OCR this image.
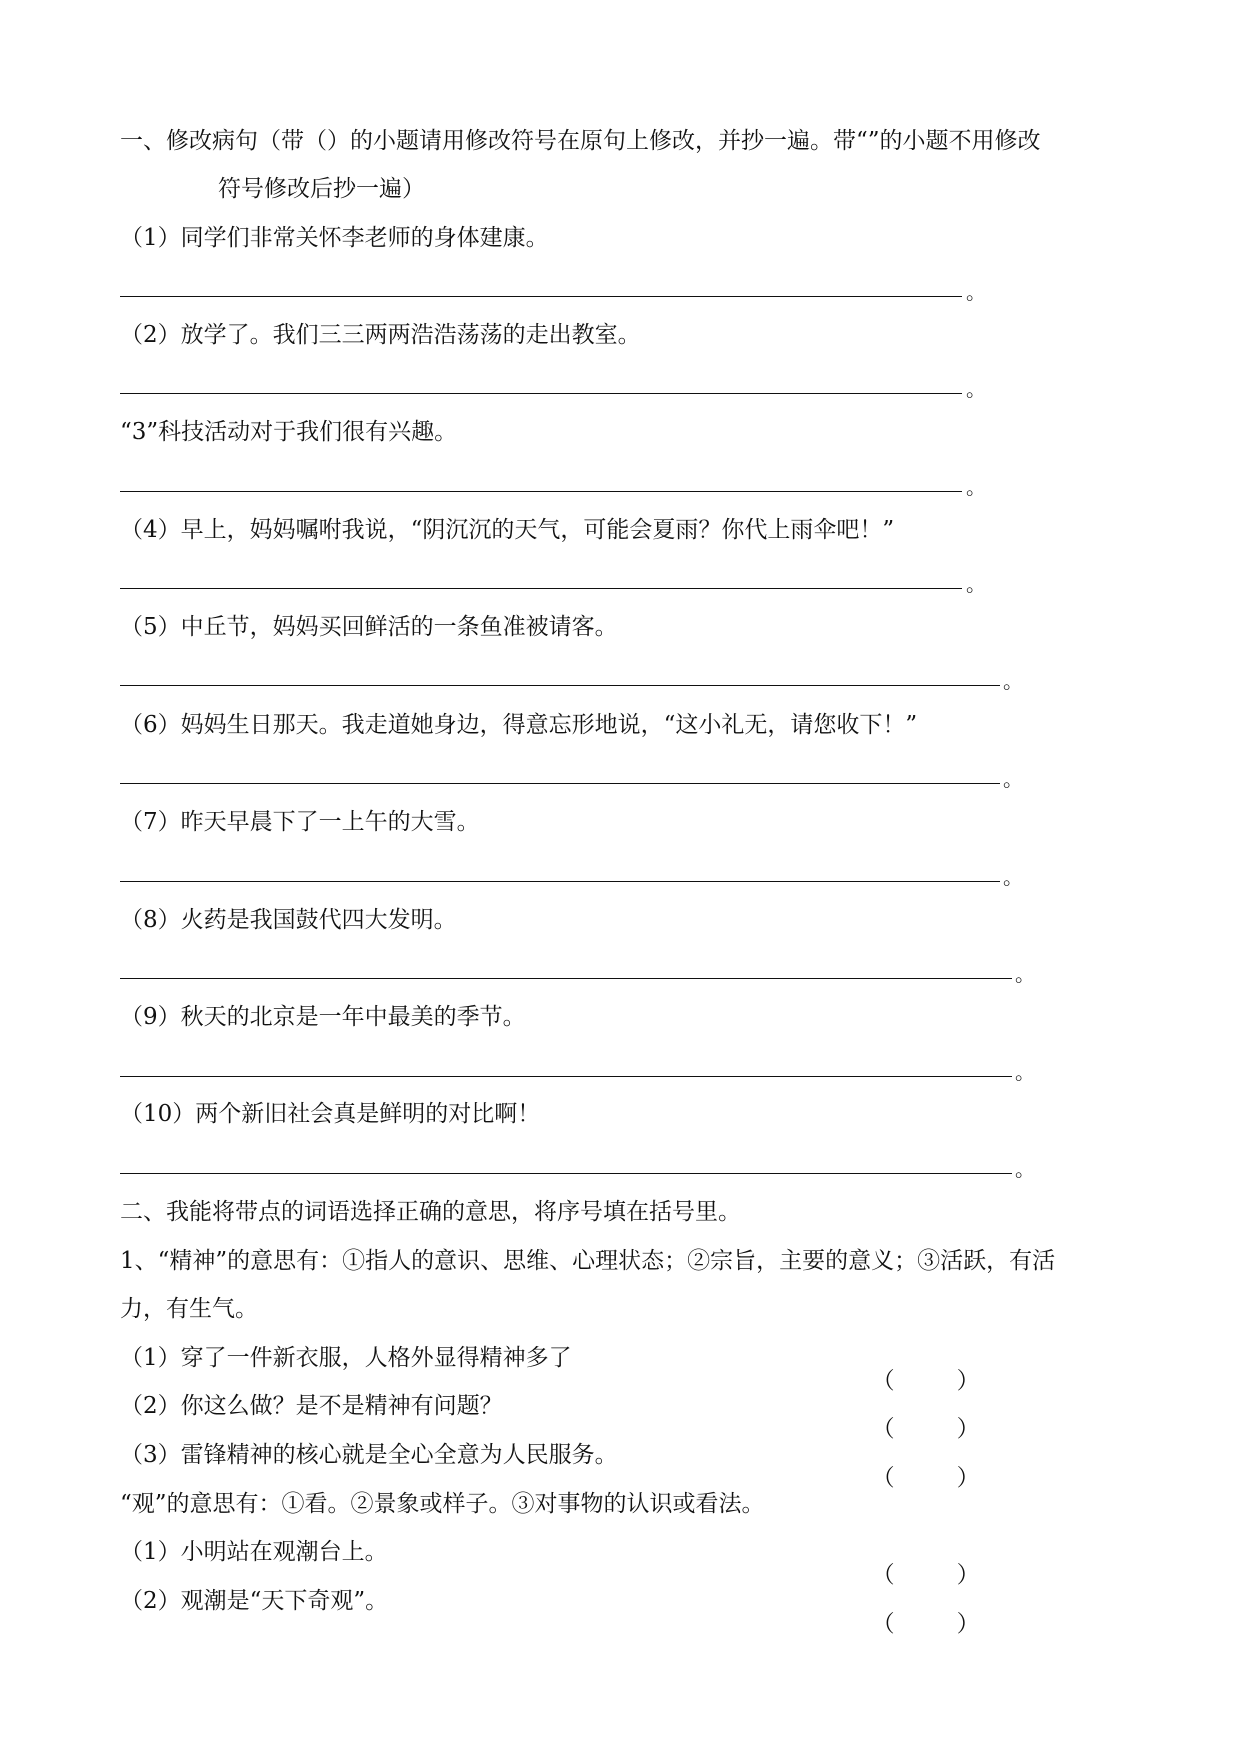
一、修改病句（带（）的小题请用修改符号在原句上修改，并抄一遍。带“”的小题不用修改
符号修改后抄一遍）
（1）同学们非常关怀李老师的身体建康。
。
（2）放学了。我们三三两两浩浩荡荡的走出教室。
。
“3”科技活动对于我们很有兴趣。
。
（4）早上，妈妈嘱咐我说，“阴沉沉的天气，可能会夏雨？你代上雨伞吧！”
。
（5）中丘节，妈妈买回鲜活的一条鱼准被请客。
。
（6）妈妈生日那天。我走道她身边，得意忘形地说，“这小礼无，请您收下！”
。
（7）昨天早晨下了一上午的大雪。
。
（8）火药是我国鼓代四大发明。
。
（9）秋天的北京是一年中最美的季节。
。
（10）两个新旧社会真是鲜明的对比啊！
。
二、我能将带点的词语选择正确的意思，将序号填在括号里。
1、“精神”的意思有：①指人的意识、思维、心理状态；②宗旨，主要的意义；③活跃，有活
力，有生气。
（1）穿了一件新衣服，人格外显得精神多了

（	）

（2）你这么做？是不是精神有问题？

（	）

（3）雷锋精神的核心就是全心全意为人民服务。

（	）

“观”的意思有：①看。②景象或样子。③对事物的认识或看法。
（1）小明站在观潮台上。

（	）

（2）观潮是“天下奇观”。

（	）
